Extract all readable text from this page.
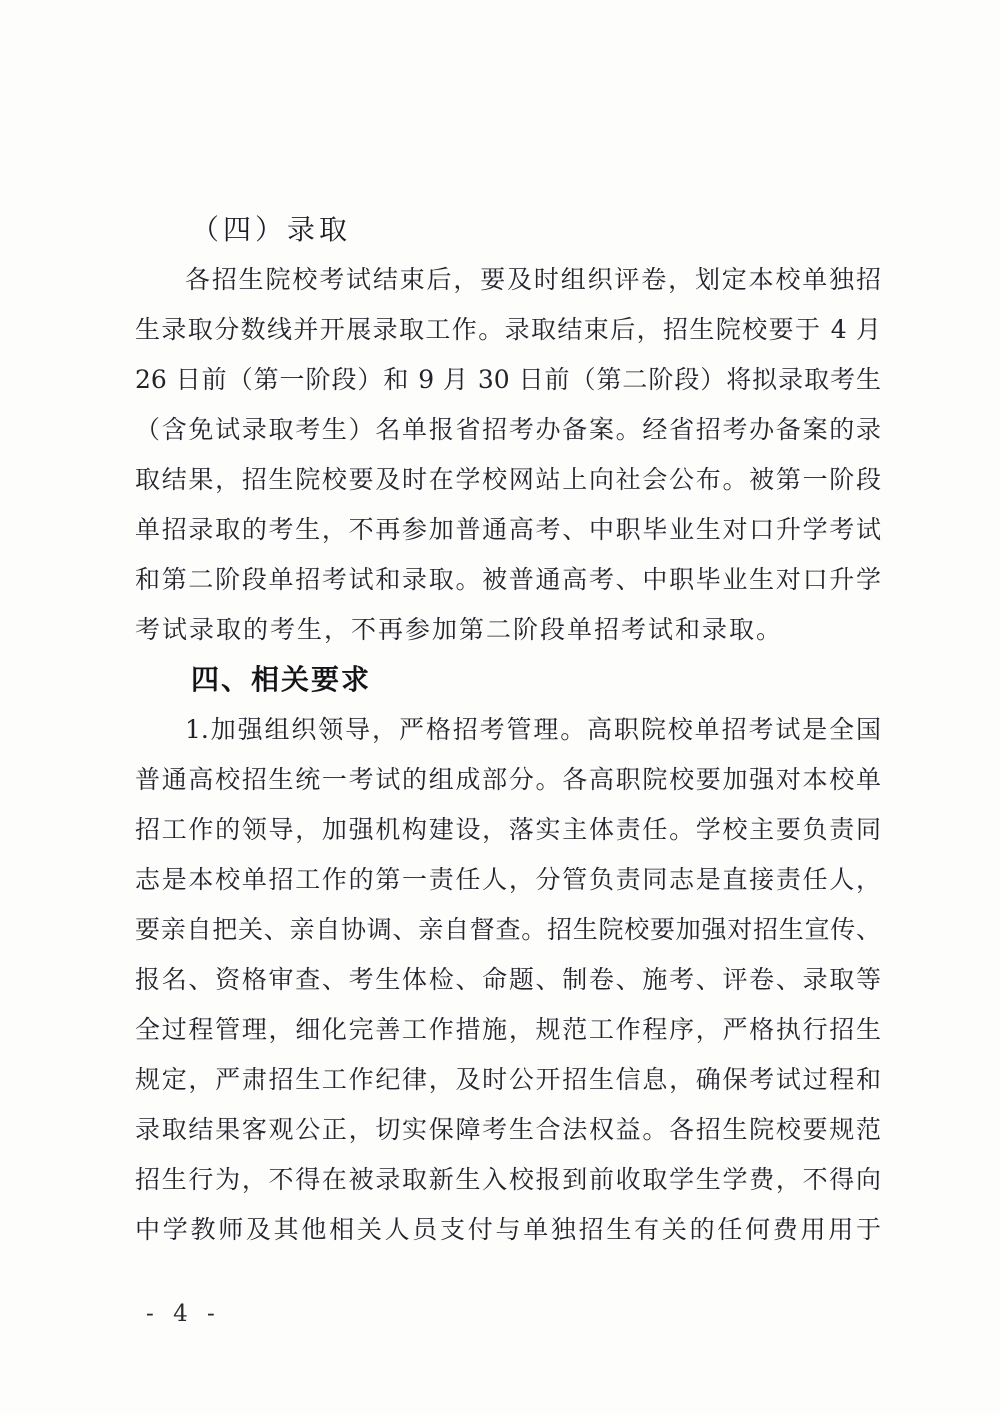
（四）录取
各招生院校考试结束后，要及时组织评卷，划定本校单独招
生录取分数线并开展录取工作。录取结束后，招生院校要于 4 月
26 日前（第一阶段）和 9 月 30 日前（第二阶段）将拟录取考生
（含免试录取考生）名单报省招考办备案。经省招考办备案的录
取结果，招生院校要及时在学校网站上向社会公布。被第一阶段
单招录取的考生，不再参加普通高考、中职毕业生对口升学考试
和第二阶段单招考试和录取。被普通高考、中职毕业生对口升学
考试录取的考生，不再参加第二阶段单招考试和录取。
四、相关要求
1.加强组织领导，严格招考管理。高职院校单招考试是全国
普通高校招生统一考试的组成部分。各高职院校要加强对本校单
招工作的领导，加强机构建设，落实主体责任。学校主要负责同
志是本校单招工作的第一责任人，分管负责同志是直接责任人，
要亲自把关、亲自协调、亲自督查。招生院校要加强对招生宣传、
报名、资格审查、考生体检、命题、制卷、施考、评卷、录取等
全过程管理，细化完善工作措施，规范工作程序，严格执行招生
规定，严肃招生工作纪律，及时公开招生信息，确保考试过程和
录取结果客观公正，切实保障考生合法权益。各招生院校要规范
招生行为，不得在被录取新生入校报到前收取学生学费，不得向
中学教师及其他相关人员支付与单独招生有关的任何费用用于
- 4 -
